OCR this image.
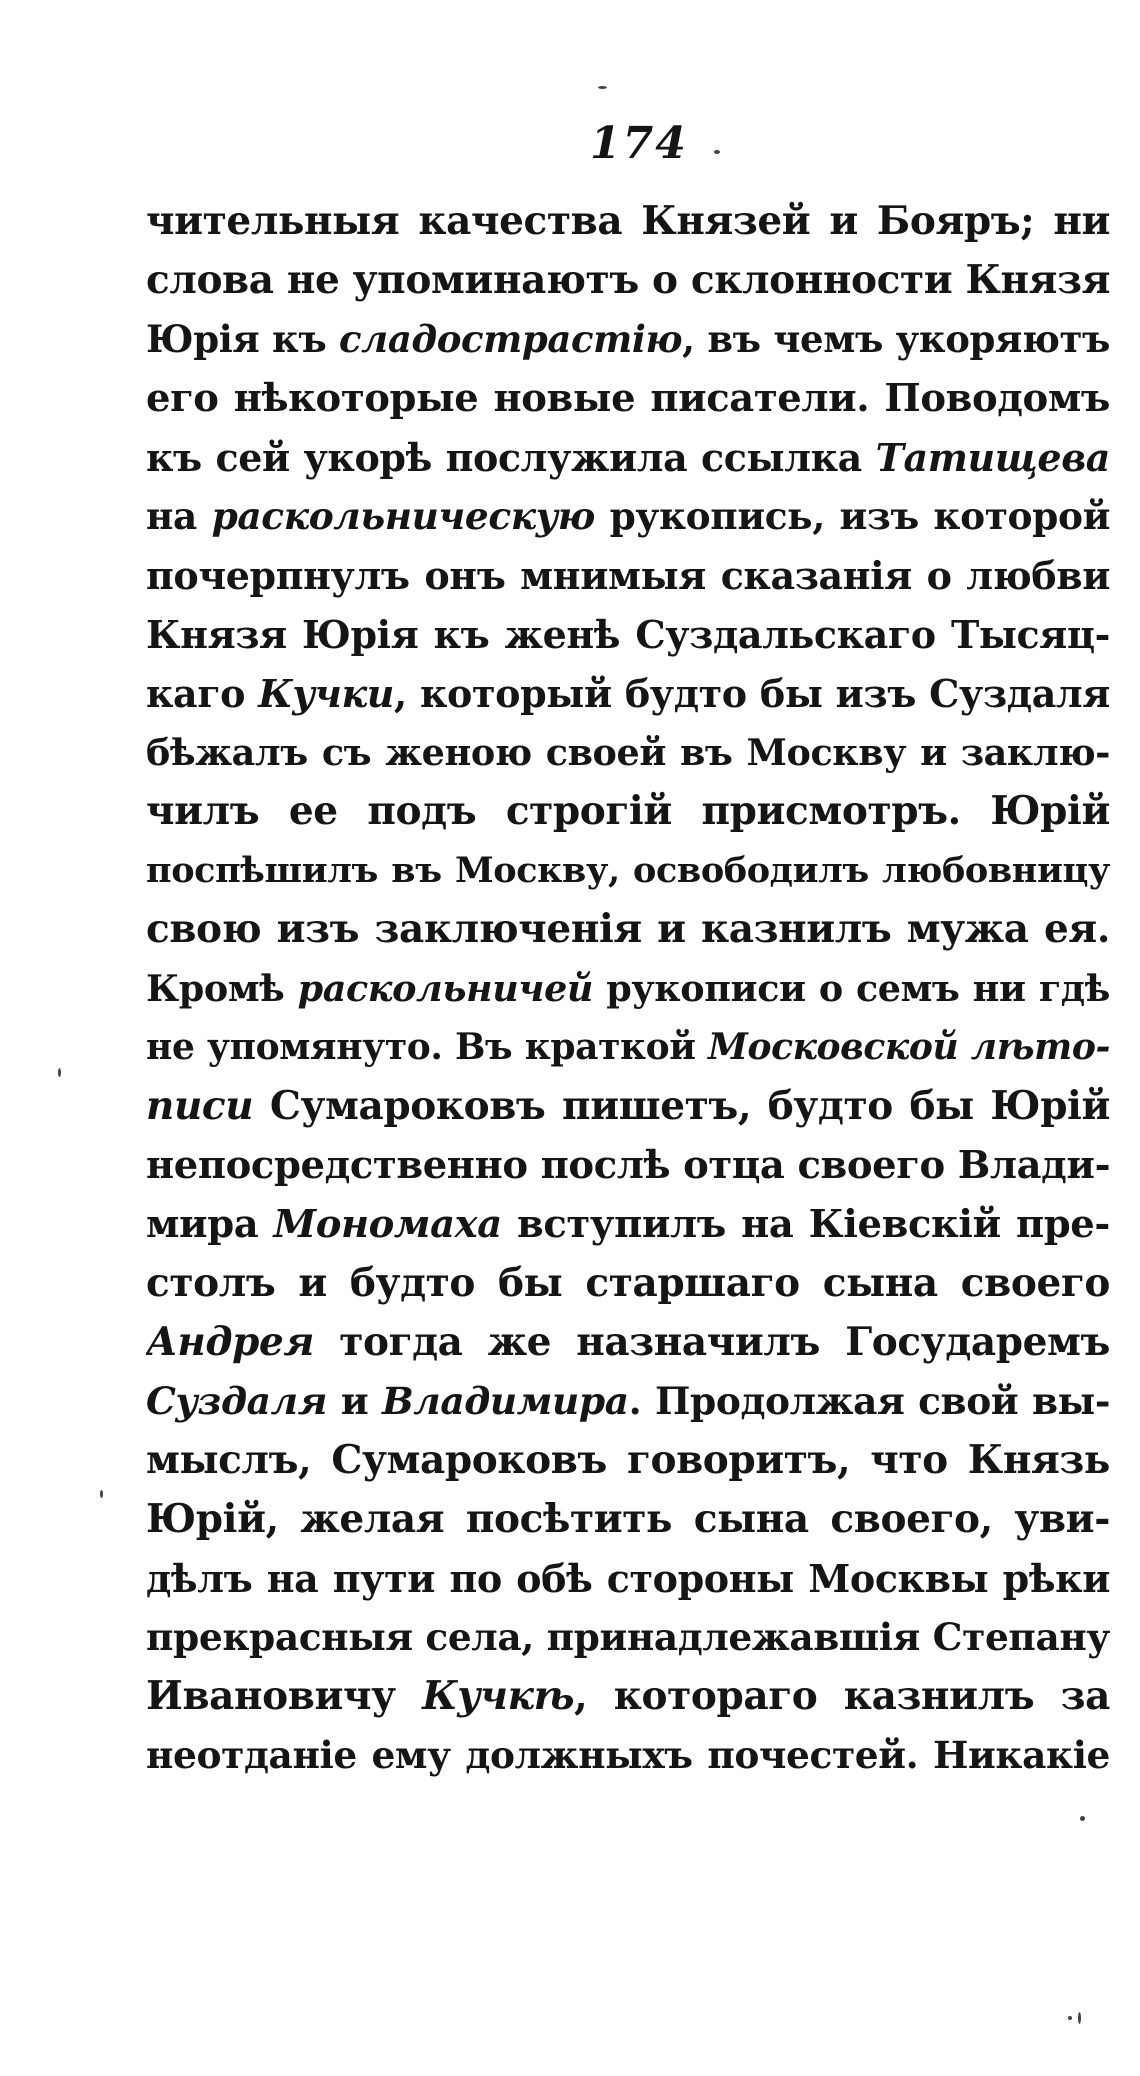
174
чительныя качества Князей и Бояръ; ни
слова не упоминаютъ о склонности Князя
Юрія къ сладострастію, въ чемъ укоряютъ
его нѣкоторые новые писатели. Поводомъ
къ сей укорѣ послужила ссылка Татищева
на раскольническую рукопись, изъ которой
почерпнулъ онъ мнимыя сказанія о любви
Князя Юрія къ женѣ Суздальскаго Тысяц-
каго Кучки, который будто бы изъ Суздаля
бѣжалъ съ женою своей въ Москву и заклю-
чилъ ее подъ строгій присмотръ. Юрій
поспѣшилъ въ Москву, освободилъ любовницу
свою изъ заключенія и казнилъ мужа ея.
Кромѣ раскольничей рукописи о семъ ни гдѣ
не упомянуто. Въ краткой Московской лѣто-
писи Сумароковъ пишетъ, будто бы Юрій
непосредственно послѣ отца своего Влади-
мира Мономаха вступилъ на Кіевскій пре-
столъ и будто бы старшаго сына своего
Андрея тогда же назначилъ Государемъ
Суздаля и Владимира. Продолжая свой вы-
мыслъ, Сумароковъ говоритъ, что Князь
Юрій, желая посѣтить сына своего, уви-
дѣлъ на пути по обѣ стороны Москвы рѣки
прекрасныя села, принадлежавшія Степану
Ивановичу Кучкѣ, котораго казнилъ за
неотданіе ему должныхъ почестей. Никакіе
